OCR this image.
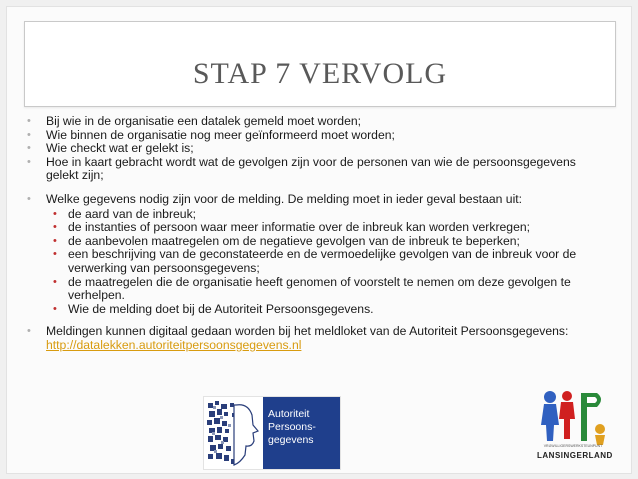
STAP 7 VERVOLG
• Bij wie in de organisatie een datalek gemeld moet worden;
• Wie binnen de organisatie nog meer geïnformeerd moet worden;
• Wie checkt wat er gelekt is;
• Hoe in kaart gebracht wordt wat de gevolgen zijn voor de personen van wie de persoonsgegevens gelekt zijn;
• Welke gegevens nodig zijn voor de melding. De melding moet in ieder geval bestaan uit:
• de aard van de inbreuk;
• de instanties of persoon waar meer informatie over de inbreuk kan worden verkregen;
• de aanbevolen maatregelen om de negatieve gevolgen van de inbreuk te beperken;
• een beschrijving van de geconstateerde en de vermoedelijke gevolgen van de inbreuk voor de verwerking van persoonsgegevens;
• de maatregelen die de organisatie heeft genomen of voorstelt te nemen om deze gevolgen te verhelpen.
• Wie de melding doet bij de Autoriteit Persoonsgegevens.
• Meldingen kunnen digitaal gedaan worden bij het meldloket van de Autoriteit Persoonsgegevens:
http://datalekken.autoriteitpersoonsgegevens.nl
Autoriteit
Persoons-
gegevens	VRIJWILLIGERSWERKSTEUNPUNT
LANSINGERLAND
